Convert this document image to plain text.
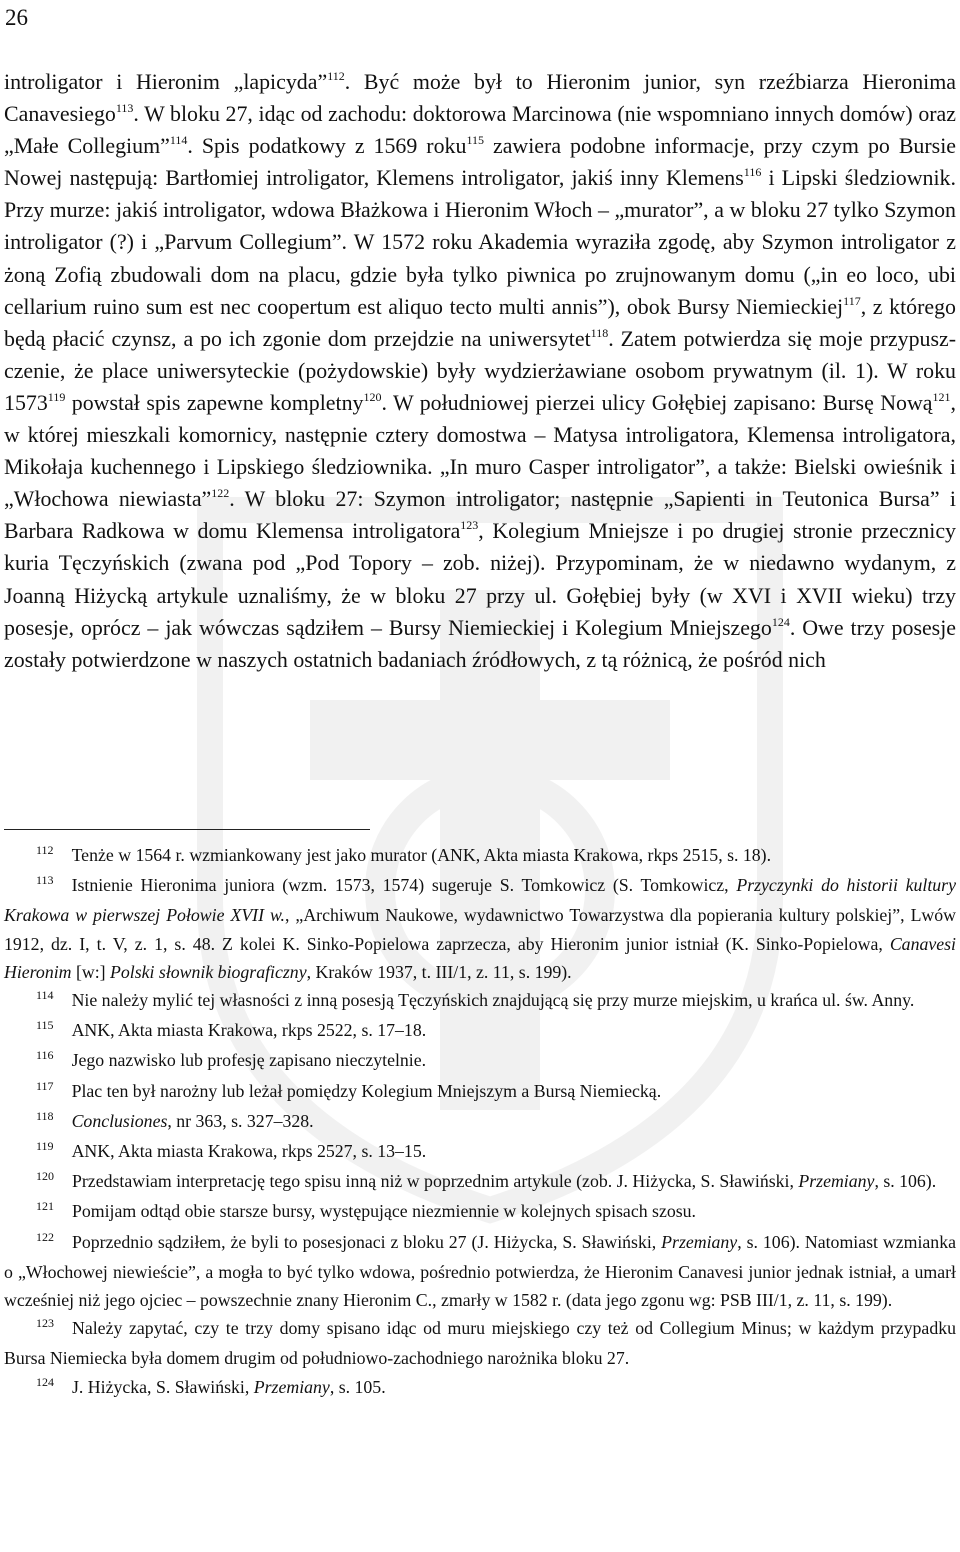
26

introligator i Hieronim „lapicyda”$^{112}$. Być może był to Hieronim junior, syn rzeźbiarza Hieronima Canavesiego$^{113}$. W bloku 27, idąc od zachodu: doktorowa Marcinowa (nie wspomniano innych domów) oraz „Małe Collegium”$^{114}$. Spis podatkowy z 1569 roku$^{115}$ zawiera podobne informacje, przy czym po Bursie Nowej następują: Bartłomiej introligator, Klemens introligator, jakiś inny Klemens$^{116}$ i Lipski śledziownik. Przy murze: jakiś introligator, wdowa Błażkowa i Hieronim Włoch – „murator”, a w bloku 27 tylko Szymon introligator (?) i „Parvum Collegium”. W 1572 roku Akademia wyraziła zgodę, aby Szymon introligator z żoną Zofią zbudowali dom na placu, gdzie była tylko piwnica po zrujnowanym domu („in eo loco, ubi cellarium ruino sum est nec coopertum est aliquo tecto multi annis”), obok Bursy Niemieckiej$^{117}$, z którego będą płacić czynsz, a po ich zgonie dom przejdzie na uniwersytet$^{118}$. Zatem potwierdza się moje przypuszczenie, że place uniwersyteckie (pożydowskie) były wydzierżawiane osobom prywatnym (il. 1). W roku 1573$^{119}$ powstał spis zapewne kompletny$^{120}$. W południowej pierzei ulicy Gołębiej zapisano: Bursę Nową$^{121}$, w której mieszkali komornicy, następnie cztery domostwa – Matysa introligatora, Klemensa introligatora, Mikołaja kuchennego i Lipskiego śledziownika. „In muro Casper introligator”, a także: Bielski owieśnik i „Włochowa niewiasta”$^{122}$. W bloku 27: Szymon introligator; następnie „Sapienti in Teutonica Bursa” i Barbara Radkowa w domu Klemensa introligatora$^{123}$, Kolegium Mniejsze i po drugiej stronie przecznicy kuria Tęczyńskich (zwana pod „Pod Topory – zob. niżej). Przypominam, że w niedawno wydanym, z Joanną Hiżycką artykule uznaliśmy, że w bloku 27 przy ul. Gołębiej były (w XVI i XVII wieku) trzy posesje, oprócz – jak wówczas sądziłem – Bursy Niemieckiej i Kolegium Mniejszego$^{124}$. Owe trzy posesje zostały potwierdzone w naszych ostatnich badaniach źródłowych, z tą różnicą, że pośród nich

$^{112}$ Tenże w 1564 r. wzmiankowany jest jako murator (ANK, Akta miasta Krakowa, rkps 2515, s. 18).

$^{113}$ Istnienie Hieronima juniora (wzm. 1573, 1574) sugeruje S. Tomkowicz (S. Tomkowicz, Przyczynki do historii kultury Krakowa w pierwszej Połowie XVII w., „Archiwum Naukowe, wydawnictwo Towarzystwa dla popierania kultury polskiej”, Lwów 1912, dz. I, t. V, z. 1, s. 48. Z kolei K. Sinko-Popielowa zaprzecza, aby Hieronim junior istniał (K. Sinko-Popielowa, Canavesi Hieronim [w:] Polski słownik biograficzny, Kraków 1937, t. III/1, z. 11, s. 199).

$^{114}$ Nie należy mylić tej własności z inną posesją Tęczyńskich znajdującą się przy murze miejskim, u krańca ul. św. Anny.

$^{115}$ ANK, Akta miasta Krakowa, rkps 2522, s. 17–18.

$^{116}$ Jego nazwisko lub profesję zapisano nieczytelnie.

$^{117}$ Plac ten był narożny lub leżał pomiędzy Kolegium Mniejszym a Bursą Niemiecką.

$^{118}$ Conclusiones, nr 363, s. 327–328.

$^{119}$ ANK, Akta miasta Krakowa, rkps 2527, s. 13–15.

$^{120}$ Przedstawiam interpretację tego spisu inną niż w poprzednim artykule (zob. J. Hiżycka, S. Sławiński, Przemiany, s. 106).

$^{121}$ Pomijam odtąd obie starsze bursy, występujące niezmiennie w kolejnych spisach szosu.

$^{122}$ Poprzednio sądziłem, że byli to posesjonaci z bloku 27 (J. Hiżycka, S. Sławiński, Przemiany, s. 106). Natomiast wzmianka o „Włochowej niewieście”, a mogła to być tylko wdowa, pośrednio potwierdza, że Hieronim Canavesi junior jednak istniał, a umarł wcześniej niż jego ojciec – powszechnie znany Hieronim C., zmarły w 1582 r. (data jego zgonu wg: PSB III/1, z. 11, s. 199).

$^{123}$ Należy zapytać, czy te trzy domy spisano idąc od muru miejskiego czy też od Collegium Minus; w każdym przypadku Bursa Niemiecka była domem drugim od południowo-zachodniego narożnika bloku 27.

$^{124}$ J. Hiżycka, S. Sławiński, Przemiany, s. 105.
